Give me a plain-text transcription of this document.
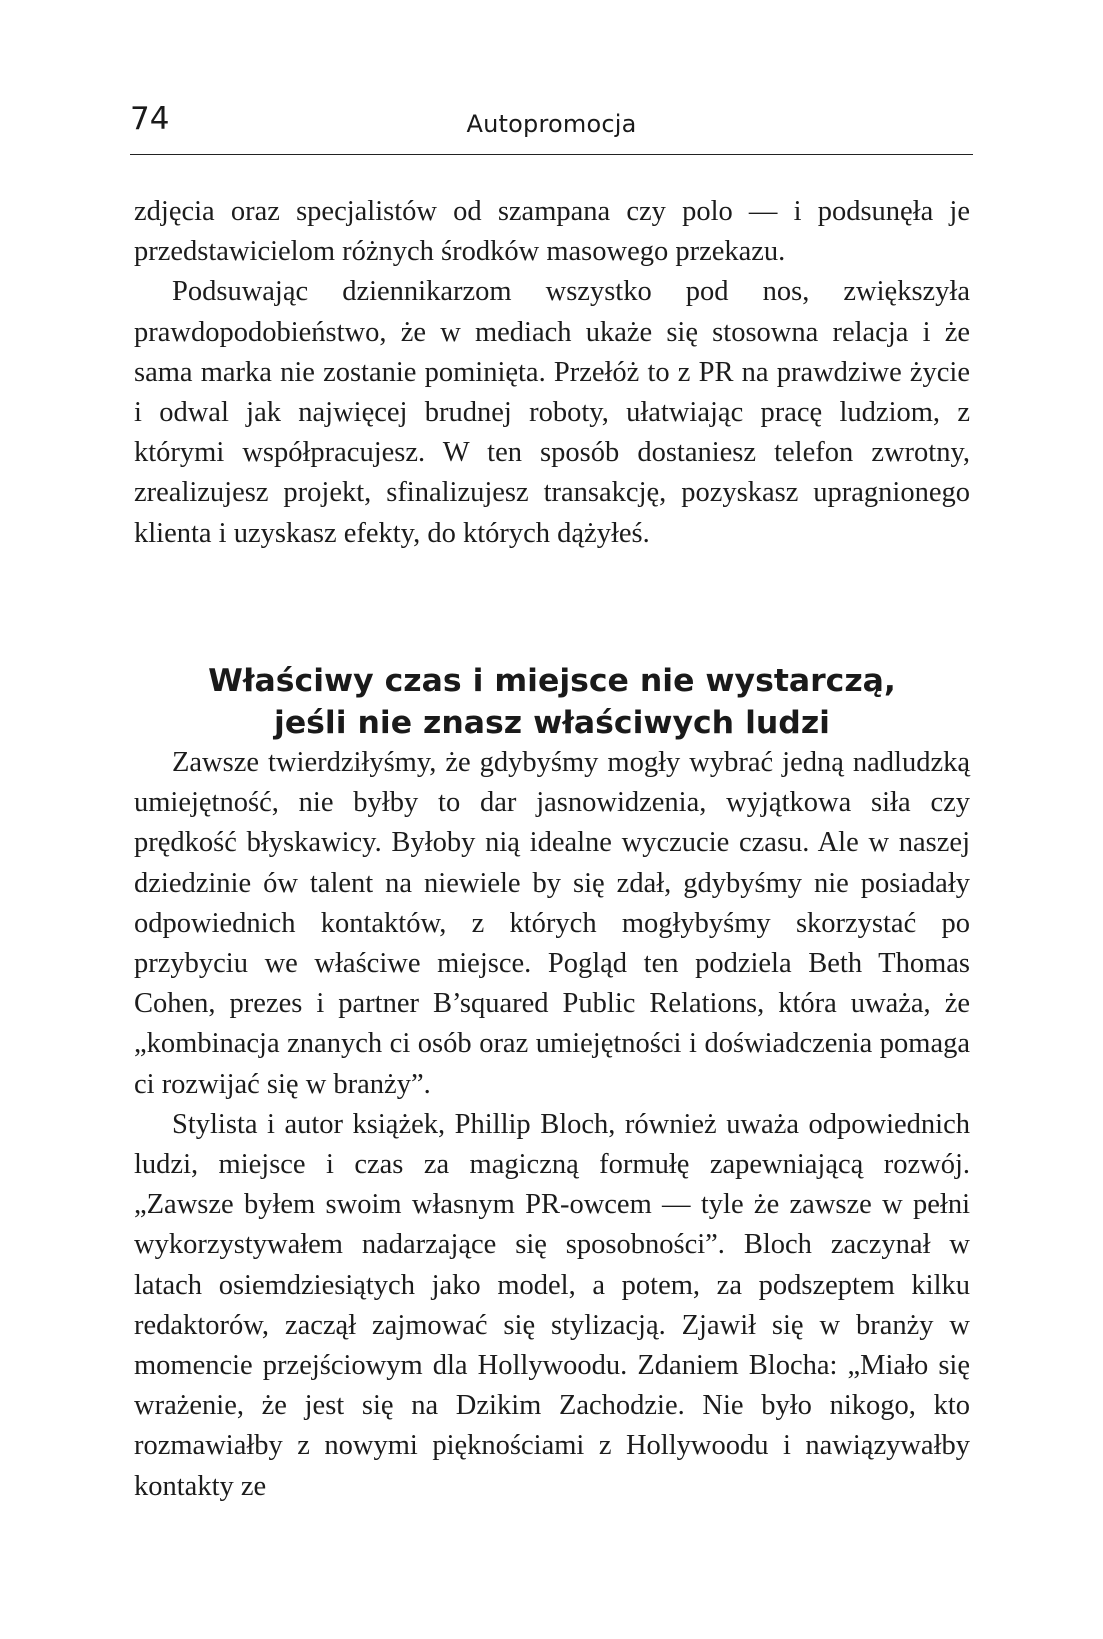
74	Autopromocja

zdjęcia oraz specjalistów od szampana czy polo — i podsunęła je przedstawicielom różnych środków masowego przekazu.

Podsuwając dziennikarzom wszystko pod nos, zwiększyła prawdopodobieństwo, że w mediach ukaże się stosowna relacja i że sama marka nie zostanie pominięta. Przełóż to z PR na prawdziwe życie i odwal jak najwięcej brudnej roboty, ułatwiając pracę ludziom, z którymi współpracujesz. W ten sposób dostaniesz telefon zwrotny, zrealizujesz projekt, sfinalizujesz transakcję, pozyskasz upragnionego klienta i uzyskasz efekty, do których dążyłeś.

Właściwy czas i miejsce nie wystarczą,
jeśli nie znasz właściwych ludzi

Zawsze twierdziłyśmy, że gdybyśmy mogły wybrać jedną nadludzką umiejętność, nie byłby to dar jasnowidzenia, wyjątkowa siła czy prędkość błyskawicy. Byłoby nią idealne wyczucie czasu. Ale w naszej dziedzinie ów talent na niewiele by się zdał, gdybyśmy nie posiadały odpowiednich kontaktów, z których mogłybyśmy skorzystać po przybyciu we właściwe miejsce. Pogląd ten podziela Beth Thomas Cohen, prezes i partner B’squared Public Relations, która uważa, że „kombinacja znanych ci osób oraz umiejętności i doświadczenia pomaga ci rozwijać się w branży”.

Stylista i autor książek, Phillip Bloch, również uważa odpowiednich ludzi, miejsce i czas za magiczną formułę zapewniającą rozwój. „Zawsze byłem swoim własnym PR-owcem — tyle że zawsze w pełni wykorzystywałem nadarzające się sposobności”. Bloch zaczynał w latach osiemdziesiątych jako model, a potem, za podszeptem kilku redaktorów, zaczął zajmować się stylizacją. Zjawił się w branży w momencie przejściowym dla Hollywoodu. Zdaniem Blocha: „Miało się wrażenie, że jest się na Dzikim Zachodzie. Nie było nikogo, kto rozmawiałby z nowymi pięknościami z Hollywoodu i nawiązywałby kontakty ze
